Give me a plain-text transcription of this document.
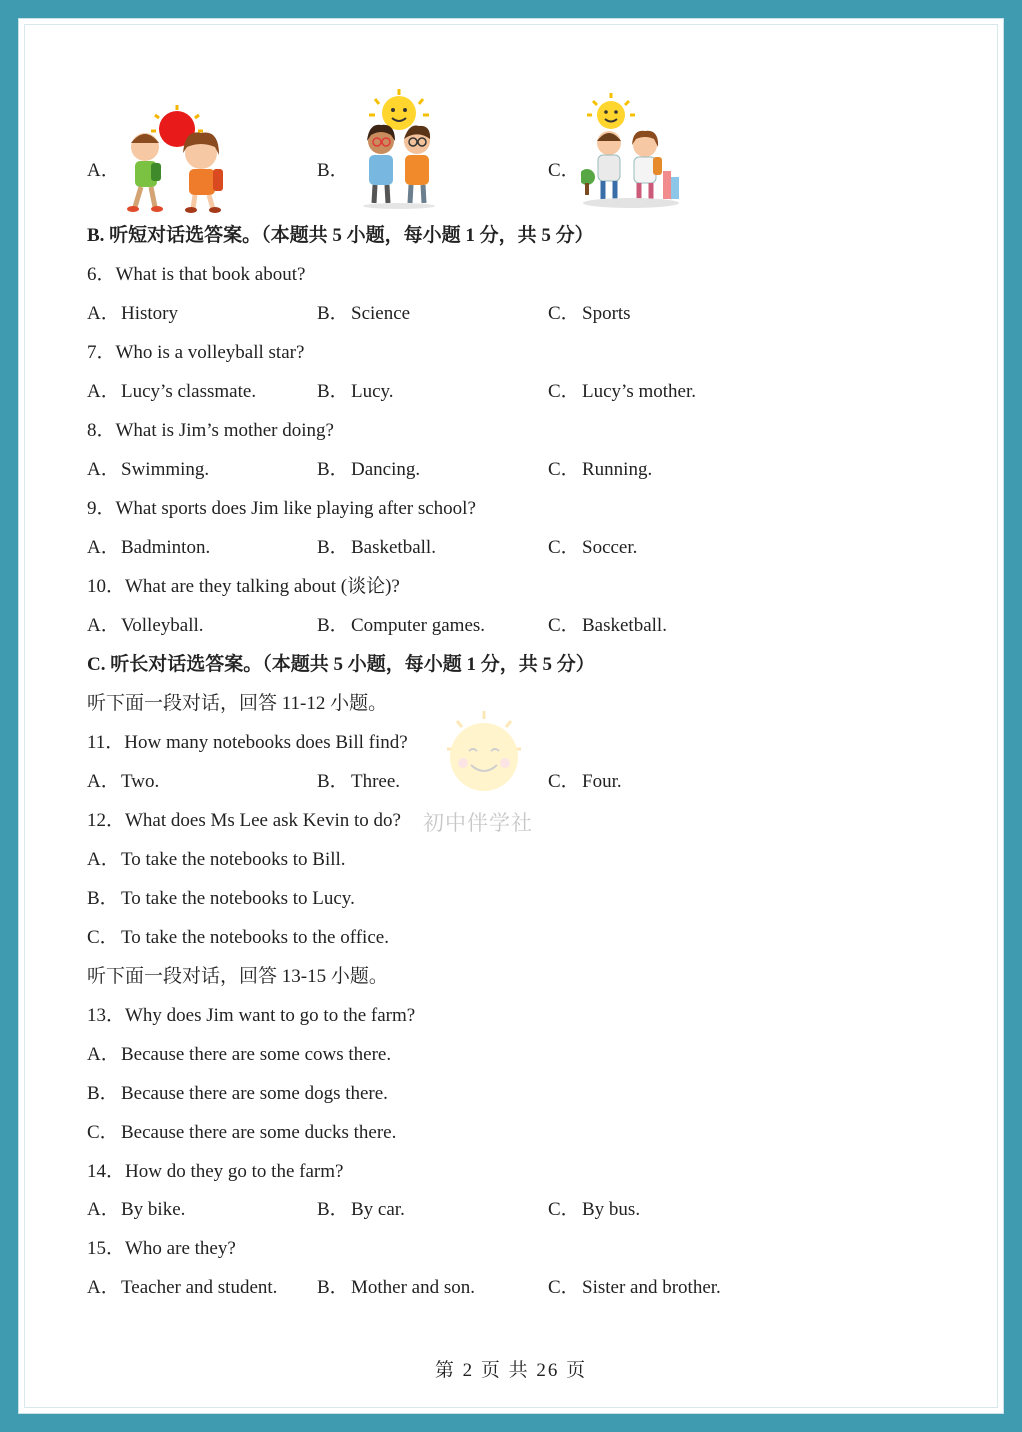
A．	B．	C．
B. 听短对话选答案。（本题共 5 小题，每小题 1 分，共 5 分）
6．What is that book about?
A．History	B． Science	C． Sports
7．Who is a volleyball star?
A．Lucy’s classmate.	B． Lucy.	C． Lucy’s mother.
8．What is Jim’s mother doing?
A．Swimming.	B． Dancing.	C． Running.
9．What sports does Jim like playing after school?
A．Badminton.	B． Basketball.	C． Soccer.
10．What are they talking about (谈论)?
A．Volleyball.	B． Computer games.	C． Basketball.
C. 听长对话选答案。（本题共 5 小题，每小题 1 分，共 5 分）
听下面一段对话，回答 11-12 小题。
初中伴学社
11．How many notebooks does Bill find?
A．Two.	B． Three.	C． Four.
12．What does Ms Lee ask Kevin to do?
A．To take the notebooks to Bill.
B． To take the notebooks to Lucy.
C． To take the notebooks to the office.
听下面一段对话，回答 13-15 小题。
13．Why does Jim want to go to the farm?
A．Because there are some cows there.
B． Because there are some dogs there.
C． Because there are some ducks there.
14．How do they go to the farm?
A．By bike.	B． By car.	C． By bus.
15．Who are they?
A．Teacher and student. B． Mother and son.	C． Sister and brother.
第 2 页 共 26 页
